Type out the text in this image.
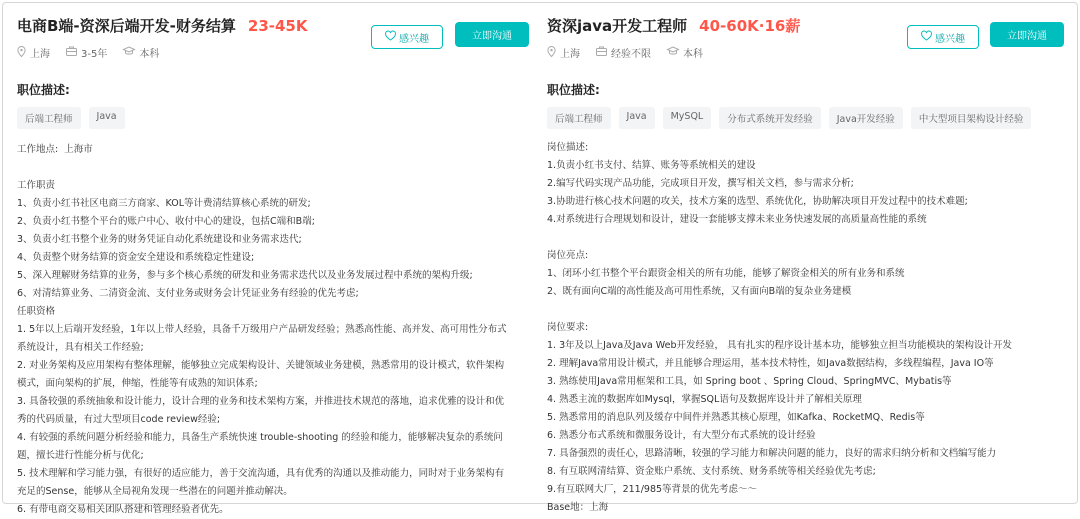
电商B端-资深后端开发-财务结算 23-45K
上海	3-5年	本科
感兴趣	立即沟通
职位描述:
后端工程师	Java
工作地点: 上海市
工作职责
1、负责小红书社区电商三方商家、KOL等计费清结算核心系统的研发;
2、负责小红书整个平台的账户中心、收付中心的建设，包括C端和B端;
3、负责小红书整个业务的财务凭证自动化系统建设和业务需求迭代;
4、负责整个财务结算的资金安全建设和系统稳定性建设;
5、深入理解财务结算的业务，参与多个核心系统的研发和业务需求迭代以及业务发展过程中系统的架构升级;
6、对清结算业务、二清资金流、支付业务或财务会计凭证业务有经验的优先考虑;
任职资格
1. 5年以上后端开发经验，1年以上带人经验，具备千万级用户产品研发经验；熟悉高性能、高并发、高可用性分布式
系统设计，具有相关工作经验;
2. 对业务架构及应用架构有整体理解，能够独立完成架构设计、关键领域业务建模，熟悉常用的设计模式，软件架构
模式，面向架构的扩展，伸缩，性能等有成熟的知识体系;
3. 具备较强的系统抽象和设计能力，设计合理的业务和技术架构方案，并推进技术规范的落地，追求优雅的设计和优
秀的代码质量，有过大型项目code review经验;
4. 有较强的系统问题分析经验和能力，具备生产系统快速 trouble-shooting 的经验和能力，能够解决复杂的系统问
题，擅长进行性能分析与优化;
5. 技术理解和学习能力强，有很好的适应能力，善于交流沟通，具有优秀的沟通以及推动能力，同时对于业务架构有
充足的Sense，能够从全局视角发现一些潜在的问题并推动解决。
6. 有带电商交易相关团队搭建和管理经验者优先。
资深java开发工程师 40-60K·16薪
上海	经验不限	本科
感兴趣	立即沟通
职位描述:
后端工程师	Java	MySQL	分布式系统开发经验	Java开发经验	中大型项目架构设计经验
岗位描述:
1.负责小红书支付、结算、账务等系统相关的建设
2.编写代码实现产品功能，完成项目开发，撰写相关文档，参与需求分析;
3.协助进行核心技术问题的攻关，技术方案的选型、系统优化，协助解决项目开发过程中的技术难题;
4.对系统进行合理规划和设计，建设一套能够支撑未来业务快速发展的高质量高性能的系统
岗位亮点:
1、闭环小红书整个平台跟资金相关的所有功能，能够了解资金相关的所有业务和系统
2、既有面向C端的高性能及高可用性系统，又有面向B端的复杂业务建模
岗位要求:
1. 3年及以上Java及Java Web开发经验， 具有扎实的程序设计基本功，能够独立担当功能模块的架构设计开发
2. 理解Java常用设计模式，并且能够合理运用，基本技术特性，如Java数据结构，多线程编程，Java IO等
3. 熟练使用Java常用框架和工具，如 Spring boot 、Spring Cloud、SpringMVC、Mybatis等
4. 熟悉主流的数据库如Mysql，掌握SQL语句及数据库设计并了解相关原理
5. 熟悉常用的消息队列及缓存中间件并熟悉其核心原理，如Kafka、RocketMQ、Redis等
6. 熟悉分布式系统和微服务设计，有大型分布式系统的设计经验
7. 具备强烈的责任心，思路清晰，较强的学习能力和解决问题的能力，良好的需求归纳分析和文档编写能力
8. 有互联网清结算、资金账户系统、支付系统、财务系统等相关经验优先考虑;
9.有互联网大厂，211/985等背景的优先考虑～～
Base地：上海
